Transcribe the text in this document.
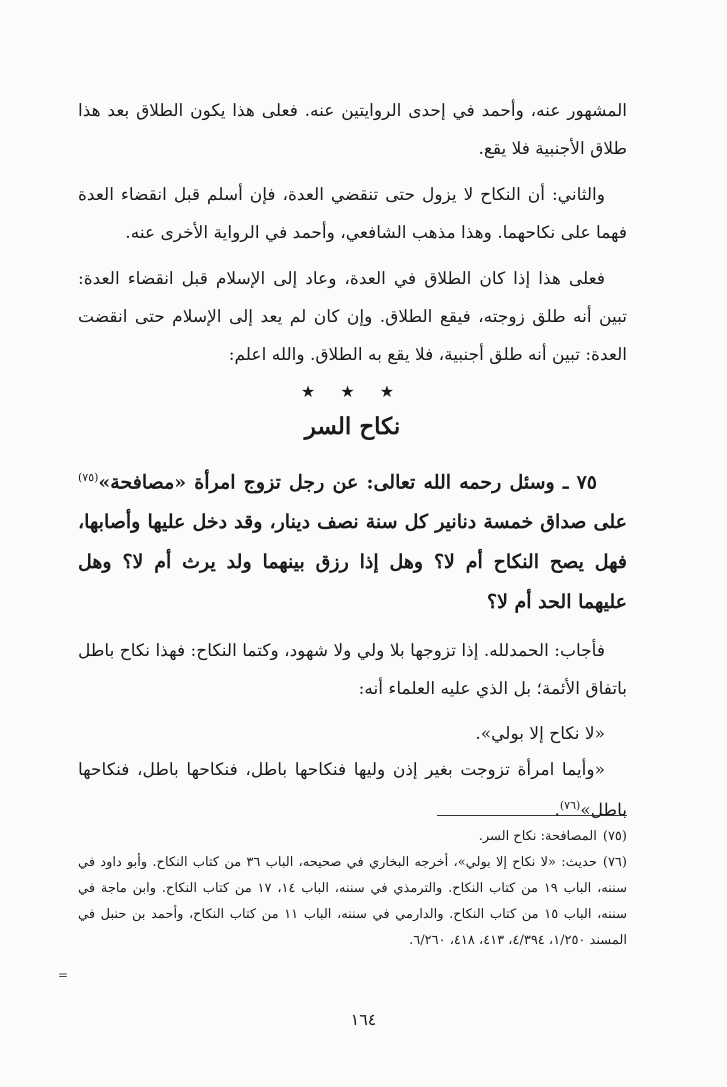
المشهور عنه، وأحمد في إحدى الروايتين عنه. فعلى هذا يكون الطلاق بعد هذا طلاق الأجنبية فلا يقع.

والثاني: أن النكاح لا يزول حتى تنقضي العدة، فإن أسلم قبل انقضاء العدة فهما على نكاحهما. وهذا مذهب الشافعي، وأحمد في الرواية الأخرى عنه.

فعلى هذا إذا كان الطلاق في العدة، وعاد إلى الإسلام قبل انقضاء العدة: تبين أنه طلق زوجته، فيقع الطلاق. وإن كان لم يعد إلى الإسلام حتى انقضت العدة: تبين أنه طلق أجنبية، فلا يقع به الطلاق. والله اعلم:

★ ★ ★
نكاح السر

٧٥ ـ وسئل رحمه الله تعالى: عن رجل تزوج امرأة «مصافحة»$^{(٧٥)}$ على صداق خمسة دنانير كل سنة نصف دينار، وقد دخل عليها وأصابها، فهل يصح النكاح أم لا؟ وهل إذا رزق بينهما ولد يرث أم لا؟ وهل عليهما الحد أم لا؟

فأجاب: الحمدلله. إذا تزوجها بلا ولي ولا شهود، وكتما النكاح: فهذا نكاح باطل باتفاق الأئمة؛ بل الذي عليه العلماء أنه:

«لا نكاح إلا بولي».

«وأيما امرأة تزوجت بغير إذن وليها فنكاحها باطل، فنكاحها باطل، فنكاحها باطل»$^{(٧٦)}$.

(٧٥)المصافحة: نكاح السر.

(٧٦)حديث: «لا نكاح إلا بولي»، أخرجه البخاري في صحيحه، الباب ٣٦ من كتاب النكاح. وأبو داود في سننه، الباب ١٩ من كتاب النكاح. والترمذي في سننه، الباب ١٤، ١٧ من كتاب النكاح. وابن ماجة في سننه، الباب ١٥ من كتاب النكاح. والدارمي في سننه، الباب ١١ من كتاب النكاح، وأحمد بن حنبل في المسند ١/٢٥٠، ٤/٣٩٤، ٤١٣، ٤١٨، ٦/٢٦٠.

=
١٦٤
